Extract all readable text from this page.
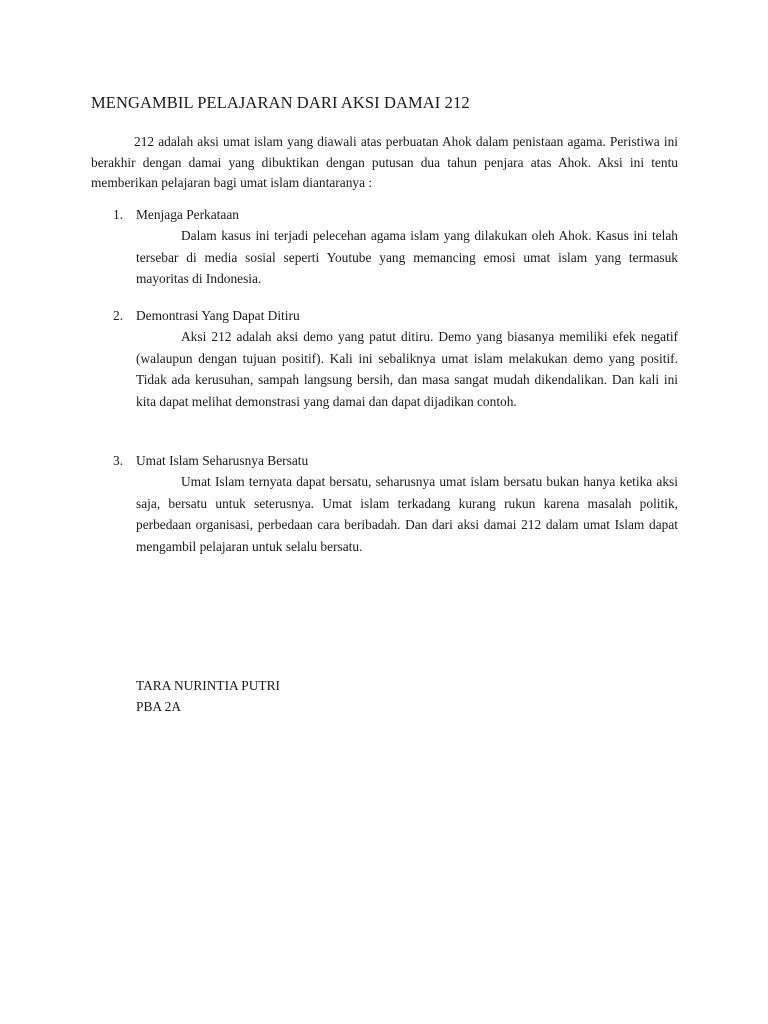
MENGAMBIL PELAJARAN DARI AKSI DAMAI 212

212 adalah aksi umat islam yang diawali atas perbuatan Ahok dalam penistaan agama. Peristiwa ini berakhir dengan damai yang dibuktikan dengan putusan dua tahun penjara atas Ahok. Aksi ini tentu memberikan pelajaran bagi umat islam diantaranya :

1. Menjaga Perkataan

Dalam kasus ini terjadi pelecehan agama islam yang dilakukan oleh Ahok. Kasus ini telah tersebar di media sosial seperti Youtube yang memancing emosi umat islam yang termasuk mayoritas di Indonesia.

2. Demontrasi Yang Dapat Ditiru

Aksi 212 adalah aksi demo yang patut ditiru. Demo yang biasanya memiliki efek negatif (walaupun dengan tujuan positif). Kali ini sebaliknya umat islam melakukan demo yang positif. Tidak ada kerusuhan, sampah langsung bersih, dan masa sangat mudah dikendalikan. Dan kali ini kita dapat melihat demonstrasi yang damai dan dapat dijadikan contoh.

3. Umat Islam Seharusnya Bersatu

Umat Islam ternyata dapat bersatu, seharusnya umat islam bersatu bukan hanya ketika aksi saja, bersatu untuk seterusnya. Umat islam terkadang kurang rukun karena masalah politik, perbedaan organisasi, perbedaan cara beribadah. Dan dari aksi damai 212 dalam umat Islam dapat mengambil pelajaran untuk selalu bersatu.

TARA NURINTIA PUTRI
PBA 2A
